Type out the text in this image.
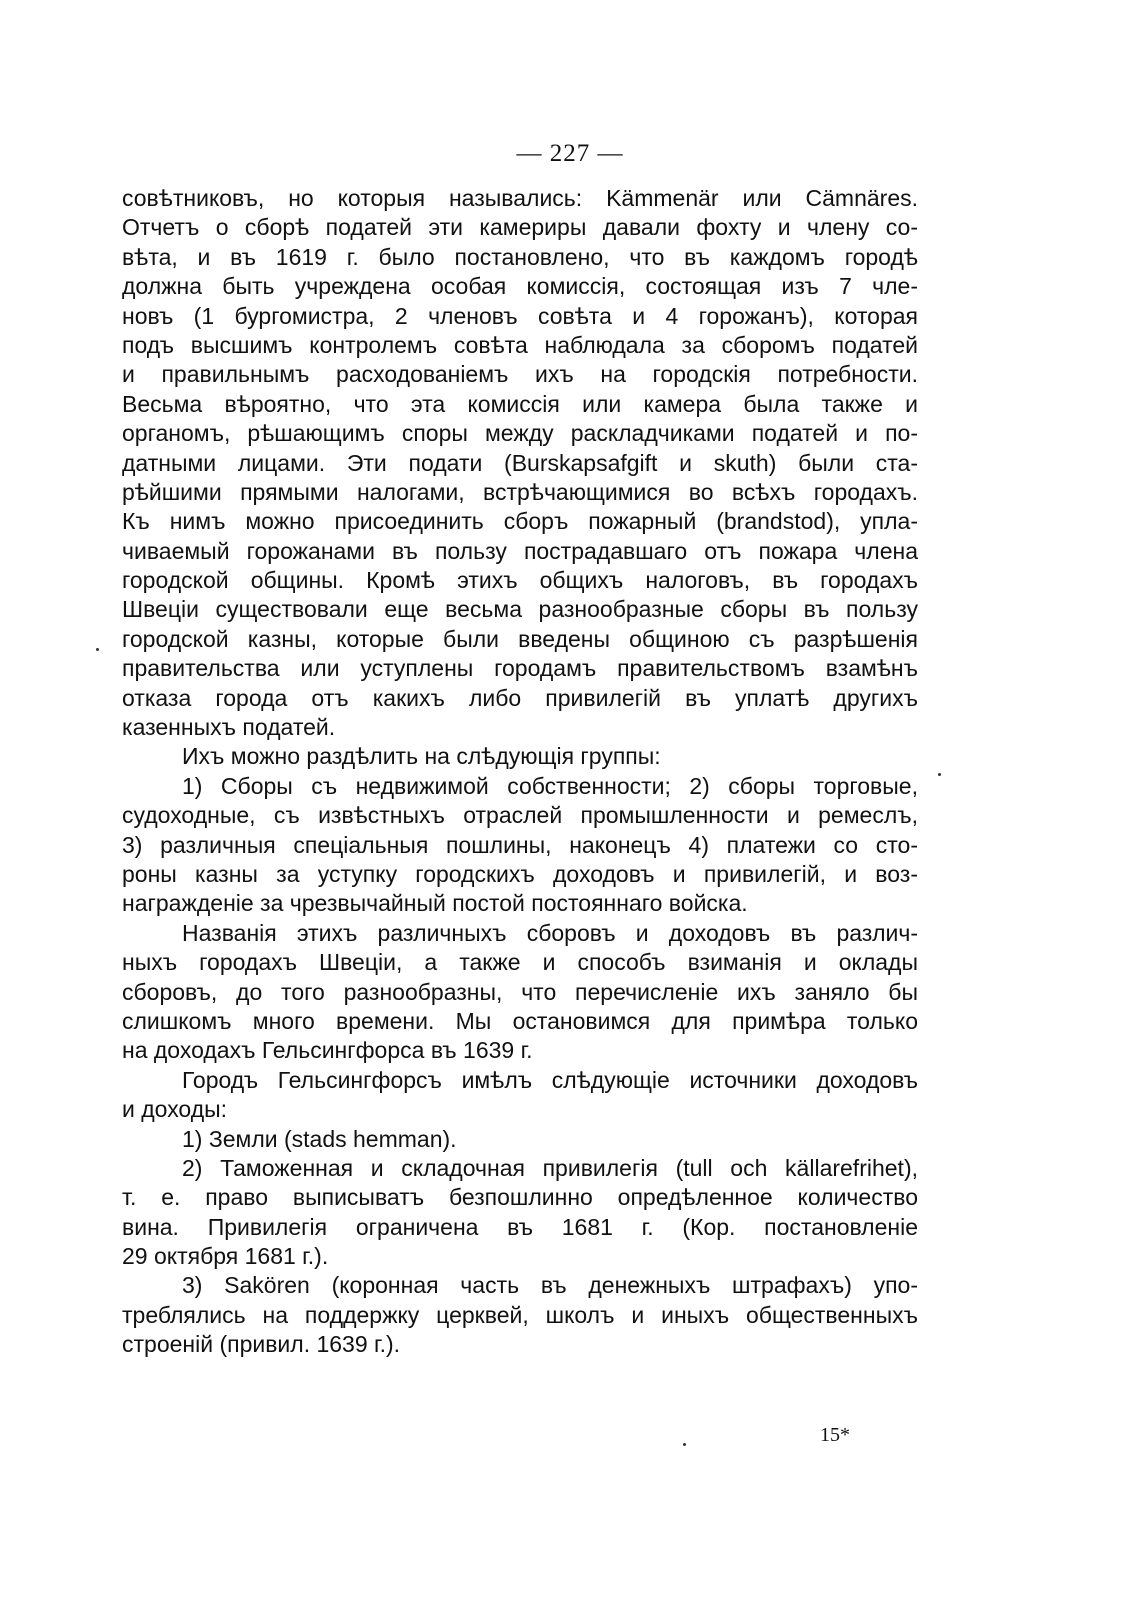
— 227 —
совѣтниковъ, но которыя назывались: Kämmenär или Cämnäres.
Отчетъ о сборѣ податей эти камериры давали фохту и члену со-
вѣта, и въ 1619 г. было постановлено, что въ каждомъ городѣ
должна быть учреждена особая комиссія, состоящая изъ 7 чле-
новъ (1 бургомистра, 2 членовъ совѣта и 4 горожанъ), которая
подъ высшимъ контролемъ совѣта наблюдала за сборомъ податей
и правильнымъ расходованіемъ ихъ на городскія потребности.
Весьма вѣроятно, что эта комиссія или камера была также и
органомъ, рѣшающимъ споры между раскладчиками податей и по-
датными лицами. Эти подати (Burskapsafgift и skuth) были ста-
рѣйшими прямыми налогами, встрѣчающимися во всѣхъ городахъ.
Къ нимъ можно присоединить сборъ пожарный (brandstod), упла-
чиваемый горожанами въ пользу пострадавшаго отъ пожара члена
городской общины. Кромѣ этихъ общихъ налоговъ, въ городахъ
Швеціи существовали еще весьма разнообразные сборы въ пользу
городской казны, которые были введены общиною съ разрѣшенія
правительства или уступлены городамъ правительствомъ взамѣнъ
отказа города отъ какихъ либо привилегій въ уплатѣ другихъ
казенныхъ податей.
Ихъ можно раздѣлить на слѣдующія группы:
1) Сборы съ недвижимой собственности; 2) сборы торговые,
судоходные, съ извѣстныхъ отраслей промышленности и ремеслъ,
3) различныя спеціальныя пошлины, наконецъ 4) платежи со сто-
роны казны за уступку городскихъ доходовъ и привилегій, и воз-
награжденіе за чрезвычайный постой постояннаго войска.
Названія этихъ различныхъ сборовъ и доходовъ въ различ-
ныхъ городахъ Швеціи, а также и способъ взиманія и оклады
сборовъ, до того разнообразны, что перечисленіе ихъ заняло бы
слишкомъ много времени. Мы остановимся для примѣра только
на доходахъ Гельсингфорса въ 1639 г.
Городъ Гельсингфорсъ имѣлъ слѣдующіе источники доходовъ
и доходы:
1) Земли (stads hemman).
2) Таможенная и складочная привилегія (tull och källarefrihet),
т. е. право выписыватъ безпошлинно опредѣленное количество
вина. Привилегія ограничена въ 1681 г. (Кор. постановленіе
29 октября 1681 г.).
3) Sakören (коронная часть въ денежныхъ штрафахъ) упо-
треблялись на поддержку церквей, школъ и иныхъ общественныхъ
строеній (привил. 1639 г.).
15*
